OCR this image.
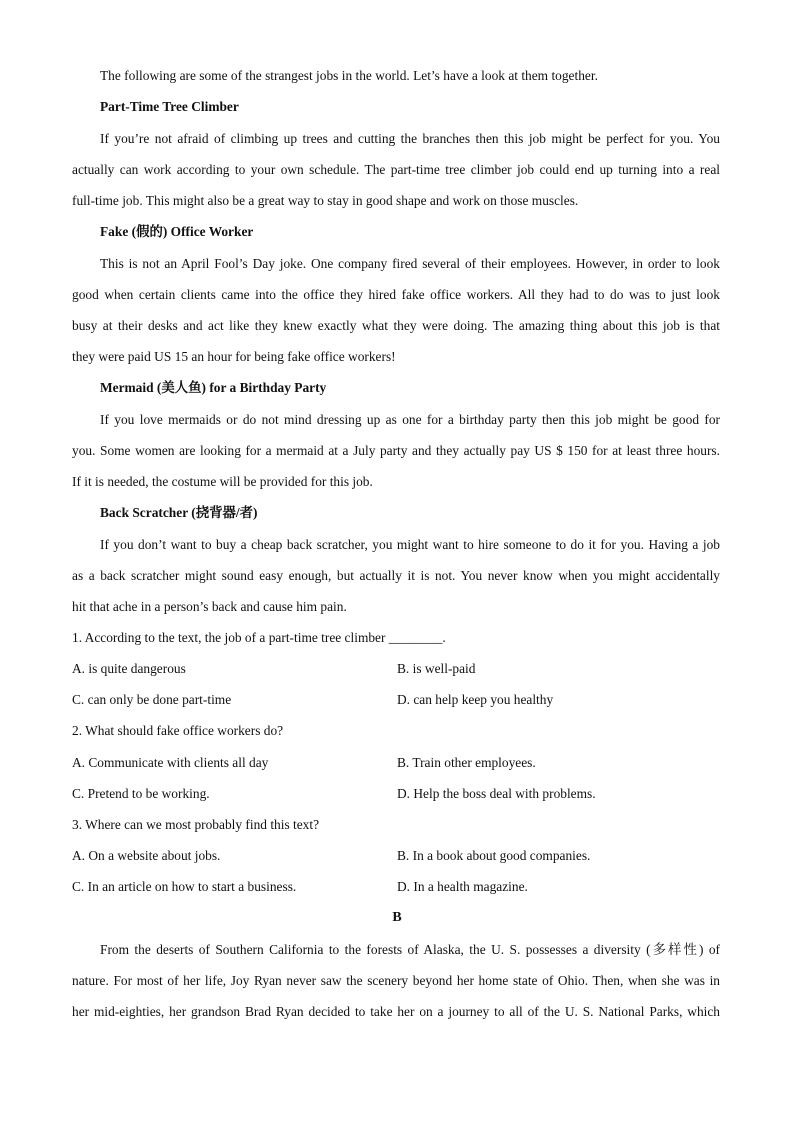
The following are some of the strangest jobs in the world. Let’s have a look at them together.
Part-Time Tree Climber
If you’re not afraid of climbing up trees and cutting the branches then this job might be perfect for you. You
actually can work according to your own schedule. The part-time tree climber job could end up turning into a real
full-time job. This might also be a great way to stay in good shape and work on those muscles.
Fake (假的) Office Worker
This is not an April Fool’s Day joke. One company fired several of their employees. However, in order to look
good when certain clients came into the office they hired fake office workers. All they had to do was to just look
busy at their desks and act like they knew exactly what they were doing. The amazing thing about this job is that
they were paid US 15 an hour for being fake office workers!
Mermaid (美人鱼) for a Birthday Party
If you love mermaids or do not mind dressing up as one for a birthday party then this job might be good for
you. Some women are looking for a mermaid at a July party and they actually pay US $ 150 for at least three hours.
If it is needed, the costume will be provided for this job.
Back Scratcher (挠背器/者)
If you don’t want to buy a cheap back scratcher, you might want to hire someone to do it for you. Having a job
as a back scratcher might sound easy enough, but actually it is not. You never know when you might accidentally
hit that ache in a person’s back and cause him pain.
1. According to the text, the job of a part-time tree climber ________.
A. is quite dangerous	B. is well-paid
C. can only be done part-time	D. can help keep you healthy
2. What should fake office workers do?
A. Communicate with clients all day	B. Train other employees.
C. Pretend to be working.	D. Help the boss deal with problems.
3. Where can we most probably find this text?
A. On a website about jobs.	B. In a book about good companies.
C. In an article on how to start a business.	D. In a health magazine.
B
From the deserts of Southern California to the forests of Alaska, the U. S. possesses a diversity (多样性) of
nature. For most of her life, Joy Ryan never saw the scenery beyond her home state of Ohio. Then, when she was in
her mid-eighties, her grandson Brad Ryan decided to take her on a journey to all of the U. S. National Parks, which
